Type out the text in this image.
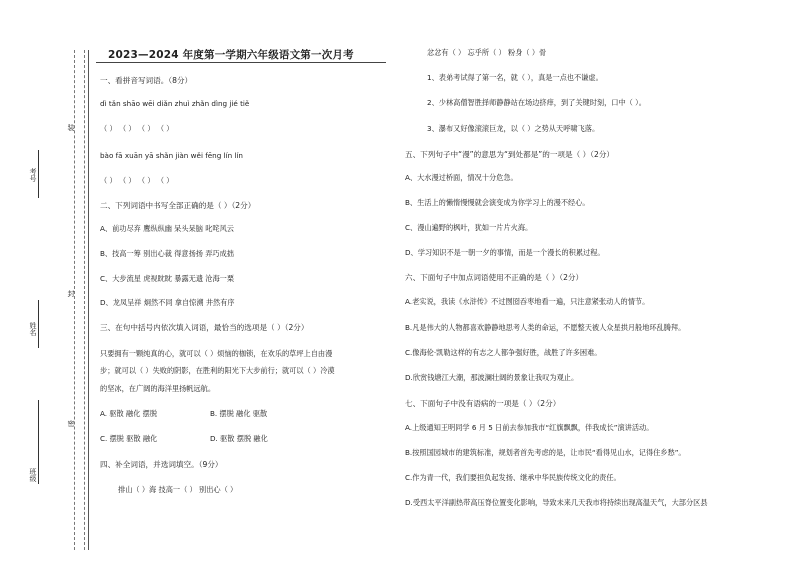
考号
姓名
班级
装
封
密
2023—2024 年度第一学期六年级语文第一次月考
一、看拼音写词语。（8分）
dì tǎn shāo wēi diǎn zhuì zhǎn dìng jié tiě
（ ） （ ） （ ） （ ）
bào fā xuān yā shǎn jiàn wěi fēng lín lín
（ ） （ ） （ ） （ ）
二、下列词语中书写全部正确的是（ ）（2分）
A、前功尽弃 鹰纵纵幽 呆头呆脑 叱咤风云
B、技高一筹 别出心裁 得意扬扬 弄巧成拙
C、大步流星 虎视眈眈 暴露无遗 沧海一栗
D、龙凤呈祥 炯然不同 拿自惊溯 井然有序
三、在句中括号内依次填入词语，最恰当的选项是（ ）（2分）
只要拥有一颗纯真的心，就可以（ ）烦恼的枷锁，在欢乐的草坪上自由漫
步；就可以（ ）失败的阴影，在胜利的阳光下大步前行；就可以（ ）冷漠
的坚冰，在广阔的海洋里扬帆远航。
A. 驱散 融化 摆脱	B. 摆脱 融化 驱散
C. 摆脱 驱散 融化	D. 驱散 摆脱 融化
四、补全词语，并选词填空。（9分）
排山（ ）海 技高一（ ） 别出心（ ）
忿忿有（ ） 忘乎所（ ） 粉身（ ）骨
1、表弟考试得了第一名，就（ ），真是一点也不谦虚。
2、少林高僧智胜择师静静站在场边挤痒，到了关键时刻，口中（ ）。
3、瀑布又好像滚滚巨龙，以（ ）之势从天呼啸飞落。
五、下列句子中“漫”的意思为“到处都是”的一项是（ ）（2分）
A、大水漫过桥面，情况十分危急。
B、生活上的懒惰慢慢就会演变成为你学习上的漫不经心。
C、漫山遍野的枫叶，犹如一片片火海。
D、学习知识不是一朝一夕的事情，而是一个漫长的积累过程。
六、下面句子中加点词语使用不正确的是（ ）（2分）
A.老实说，我读《水浒传》不过囫囵吞枣地看一遍，只注意紧张动人的情节。
B.凡是伟大的人物都喜欢静静地思考人类的命运，不愿整天被人众星拱月般地环乱腾拜。
C.像海伦·凯勒这样的有志之人都争强好胜，战胜了许多困难。
D.欣赏钱塘江大潮，那波澜壮阔的景象让我叹为观止。
七、下面句子中没有语病的一项是（ ）（2分）
A.上级通知王明同学 6 月 5 日前去参加我市“红旗飘飘，伴我成长”演讲活动。
B.按照国园城市的建筑标准，规划者首先考虑的是，让市民“看得见山水，记得住乡愁”。
C.作为青一代，我们要担负起发扬、继承中华民族传统文化的责任。
D.受西太平洋副热带高压脊位置变化影响，导致未来几天我市将持续出现高温天气，大部分区县
